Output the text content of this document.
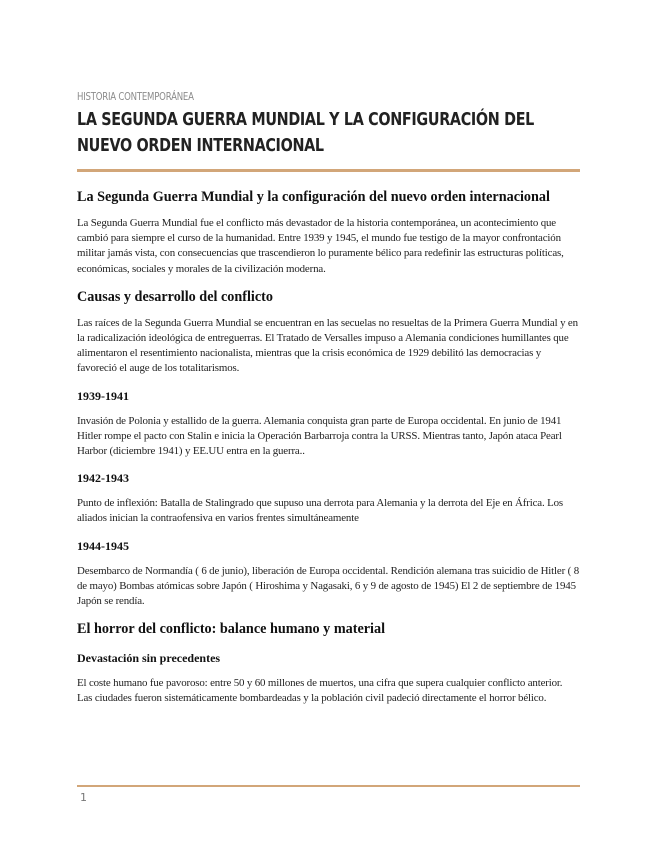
HISTORIA CONTEMPORÁNEA
LA SEGUNDA GUERRA MUNDIAL Y LA CONFIGURACIÓN DEL NUEVO ORDEN INTERNACIONAL
La Segunda Guerra Mundial y la configuración del nuevo orden internacional

La Segunda Guerra Mundial fue el conflicto más devastador de la historia contemporánea, un acontecimiento que cambió para siempre el curso de la humanidad. Entre 1939 y 1945, el mundo fue testigo de la mayor confrontación militar jamás vista, con consecuencias que trascendieron lo puramente bélico para redefinir las estructuras políticas, económicas, sociales y morales de la civilización moderna.

Causas y desarrollo del conflicto

Las raíces de la Segunda Guerra Mundial se encuentran en las secuelas no resueltas de la Primera Guerra Mundial y en la radicalización ideológica de entreguerras. El Tratado de Versalles impuso a Alemania condiciones humillantes que alimentaron el resentimiento nacionalista, mientras que la crisis económica de 1929 debilitó las democracias y favoreció el auge de los totalitarismos.

1939-1941

Invasión de Polonia y estallido de la guerra. Alemania conquista gran parte de Europa occidental. En junio de 1941 Hitler rompe el pacto con Stalin e inicia la Operación Barbarroja contra la URSS. Mientras tanto, Japón ataca Pearl Harbor (diciembre 1941) y EE.UU entra en la guerra..

1942-1943

Punto de inflexión: Batalla de Stalingrado que supuso una derrota para Alemania y la derrota del Eje en África. Los aliados inician la contraofensiva en varios frentes simultáneamente

1944-1945

Desembarco de Normandía ( 6 de junio), liberación de Europa occidental. Rendición alemana tras suicidio de Hitler ( 8 de mayo) Bombas atómicas sobre Japón ( Hiroshima y Nagasaki, 6 y 9 de agosto de 1945) El 2 de septiembre de 1945 Japón se rendía.

El horror del conflicto: balance humano y material
Devastación sin precedentes

El coste humano fue pavoroso: entre 50 y 60 millones de muertos, una cifra que supera cualquier conflicto anterior. Las ciudades fueron sistemáticamente bombardeadas y la población civil padeció directamente el horror bélico.

1
